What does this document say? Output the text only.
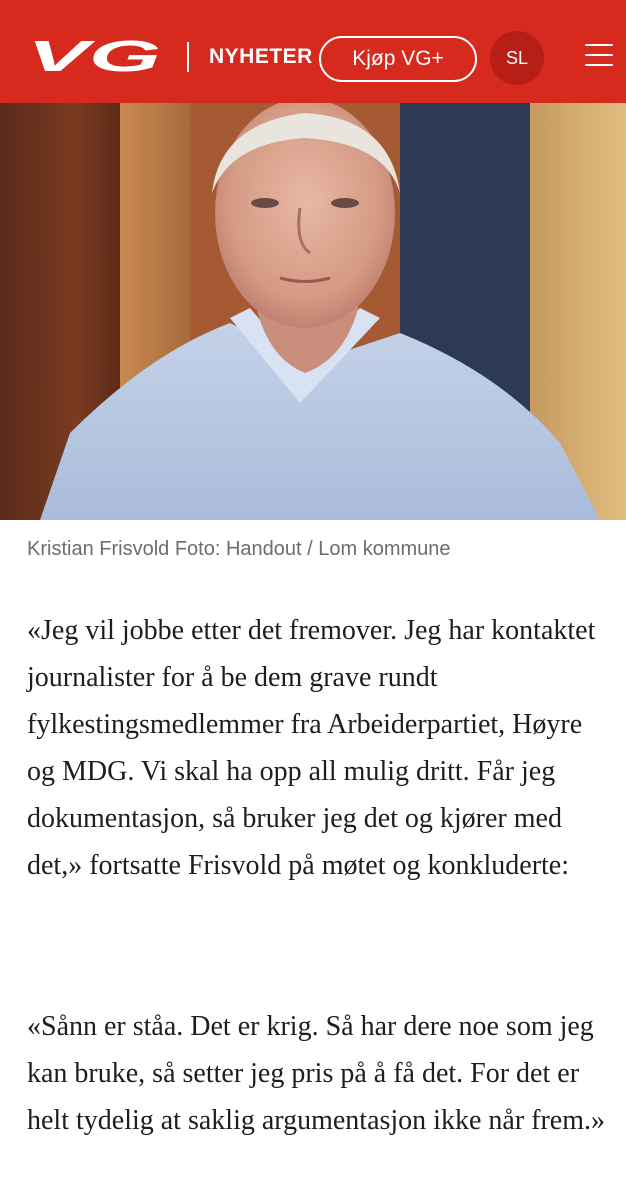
VG NYHETER	Kjøp VG+	SL
Kristian Frisvold Foto: Handout / Lom kommune

«Jeg vil jobbe etter det fremover. Jeg har kontaktet journalister for å be dem grave rundt fylkestingsmedlemmer fra Arbeiderpartiet, Høyre og MDG. Vi skal ha opp all mulig dritt. Får jeg dokumentasjon, så bruker jeg det og kjører med det,» fortsatte Frisvold på møtet og konkluderte:

«Sånn er ståa. Det er krig. Så har dere noe som jeg kan bruke, så setter jeg pris på å få det. For det er helt tydelig at saklig argumentasjon ikke når frem.»
